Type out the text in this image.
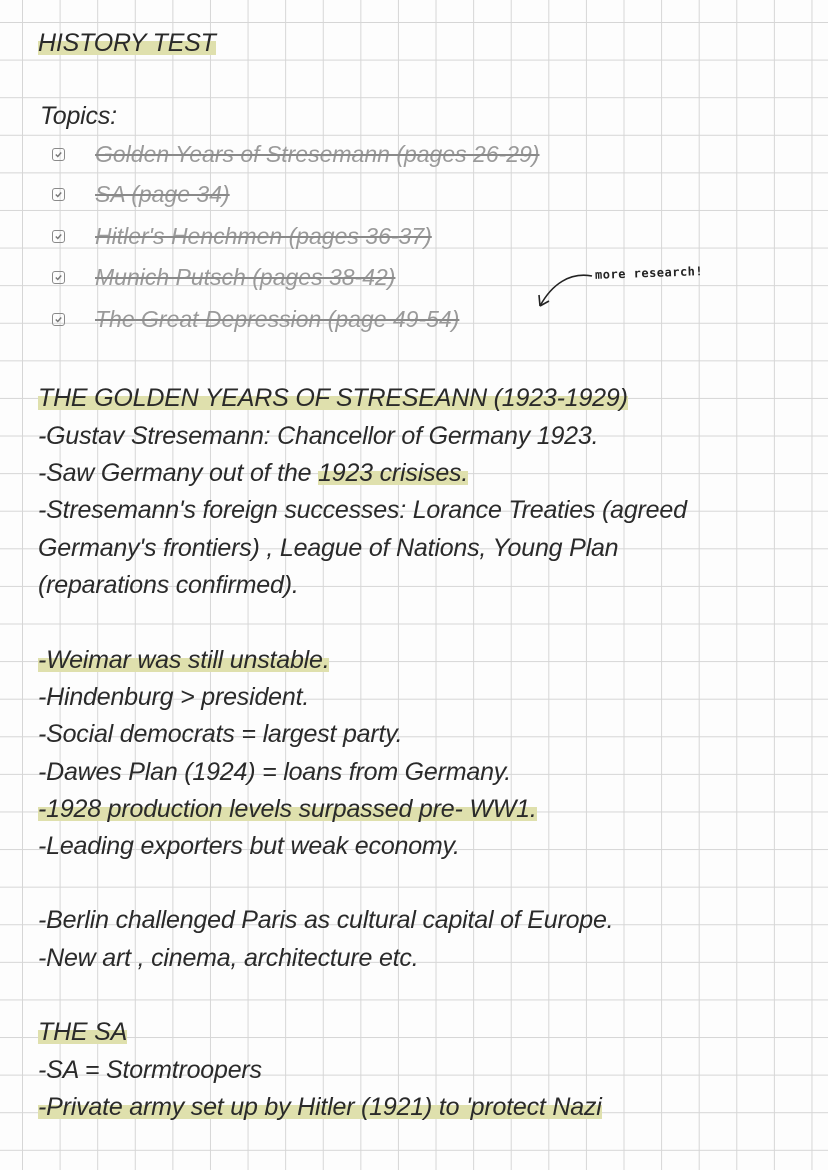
HISTORY TEST
Topics:
Golden Years of Stresemann (pages 26-29)
SA (page 34)
Hitler's Henchmen (pages 36-37)
Munich Putsch (pages 38-42)
The Great Depression (page 49-54)
more research!
THE GOLDEN YEARS OF STRESEANN (1923-1929)
-Gustav Stresemann: Chancellor of Germany 1923.
-Saw Germany out of the 1923 crisises.
-Stresemann's foreign successes: Lorance Treaties (agreed
Germany's frontiers) , League of Nations, Young Plan
(reparations confirmed).
-Weimar was still unstable.
-Hindenburg > president.
-Social democrats = largest party.
-Dawes Plan (1924) = loans from Germany.
-1928 production levels surpassed pre- WW1.
-Leading exporters but weak economy.
-Berlin challenged Paris as cultural capital of Europe.
-New art , cinema, architecture etc.
THE SA
-SA = Stormtroopers
-Private army set up by Hitler (1921) to 'protect Nazi
